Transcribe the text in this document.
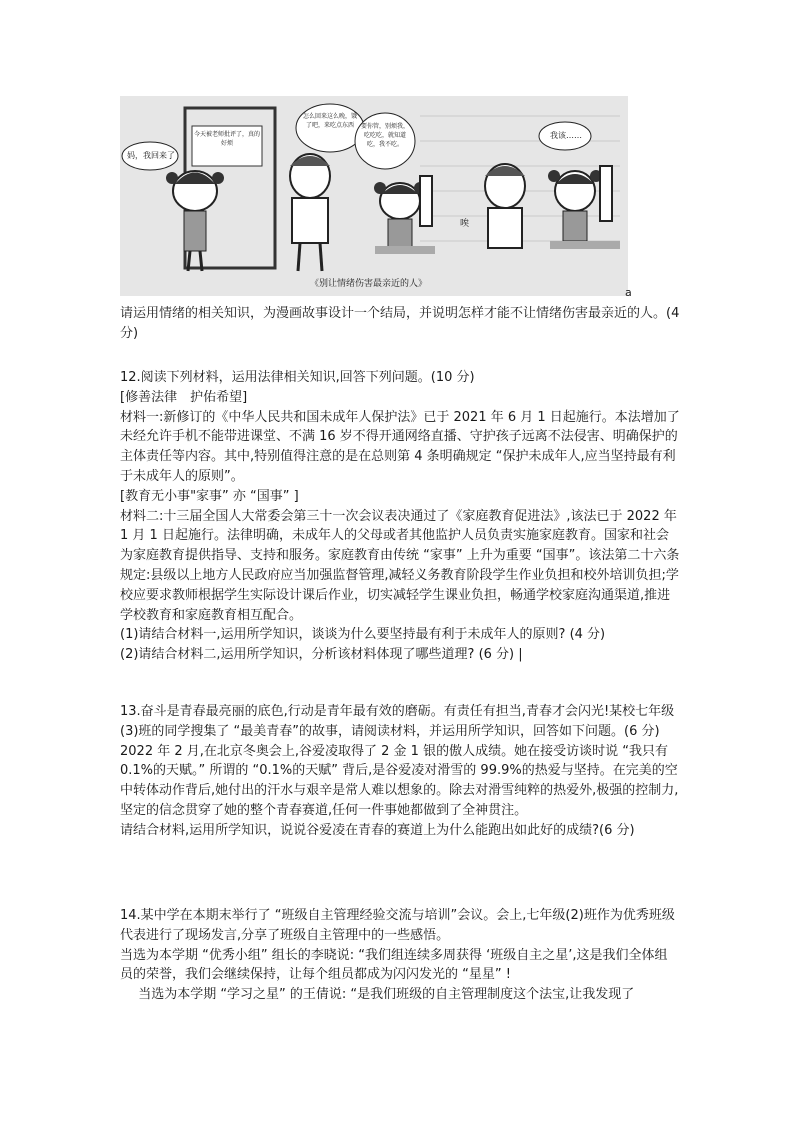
妈，我回来了
今天被老师批评了，真的好烦
怎么回来这么晚，饿了吧，来吃点东西	要你管，别烦我，吃吃吃，就知道吃，我不吃。
唉
我该……
《别让情绪伤害最亲近的人》
a

请运用情绪的相关知识，为漫画故事设计一个结局，并说明怎样才能不让情绪伤害最亲近的人。(4 分)

12.阅读下列材料，运用法律相关知识,回答下列问题。(10 分)

[修善法律　护佑希望]

材料一:新修订的《中华人民共和国未成年人保护法》已于 2021 年 6 月 1 日起施行。本法增加了未经允许手机不能带进课堂、不满 16 岁不得开通网络直播、守护孩子远离不法侵害、明确保护的主体责任等内容。其中,特别值得注意的是在总则第 4 条明确规定 “保护未成年人,应当坚持最有利于未成年人的原则”。

[教育无小事"家事” 亦 “国事” ]

材料二:十三届全国人大常委会第三十一次会议表决通过了《家庭教育促进法》,该法已于 2022 年 1 月 1 日起施行。法律明确，未成年人的父母或者其他监护人员负责实施家庭教育。国家和社会为家庭教育提供指导、支持和服务。家庭教育由传统 “家事” 上升为重要 “国事”。该法第二十六条规定:县级以上地方人民政府应当加强监督管理,减轻义务教育阶段学生作业负担和校外培训负担;学校应要求教师根据学生实际设计课后作业，切实减轻学生课业负担，畅通学校家庭沟通渠道,推进学校教育和家庭教育相互配合。

(1)请结合材料一,运用所学知识，谈谈为什么要坚持最有利于未成年人的原则? (4 分)

(2)请结合材料二,运用所学知识，分析该材料体现了哪些道理? (6 分) |

13.奋斗是青春最亮丽的底色,行动是青年最有效的磨砺。有责任有担当,青春才会闪光!某校七年级(3)班的同学搜集了 “最美青春”的故事，请阅读材料，并运用所学知识，回答如下问题。(6 分)

2022 年 2 月,在北京冬奥会上,谷爱凌取得了 2 金 1 银的傲人成绩。她在接受访谈时说 “我只有 0.1%的天赋。” 所谓的 “0.1%的天赋” 背后,是谷爱凌对滑雪的 99.9%的热爱与坚持。在完美的空中转体动作背后,她付出的汗水与艰辛是常人难以想象的。除去对滑雪纯粹的热爱外,极强的控制力,坚定的信念贯穿了她的整个青春赛道,任何一件事她都做到了全神贯注。

请结合材料,运用所学知识，说说谷爱凌在青春的赛道上为什么能跑出如此好的成绩?(6 分)

14.某中学在本期末举行了 “班级自主管理经验交流与培训”会议。会上,七年级(2)班作为优秀班级代表进行了现场发言,分享了班级自主管理中的一些感悟。

当选为本学期 “优秀小组” 组长的李晓说: “我们组连续多周获得 ‘班级自主之星’,这是我们全体组员的荣誉，我们会继续保持，让每个组员都成为闪闪发光的 “星星” !

当选为本学期 “学习之星” 的王倩说: “是我们班级的自主管理制度这个法宝,让我发现了
